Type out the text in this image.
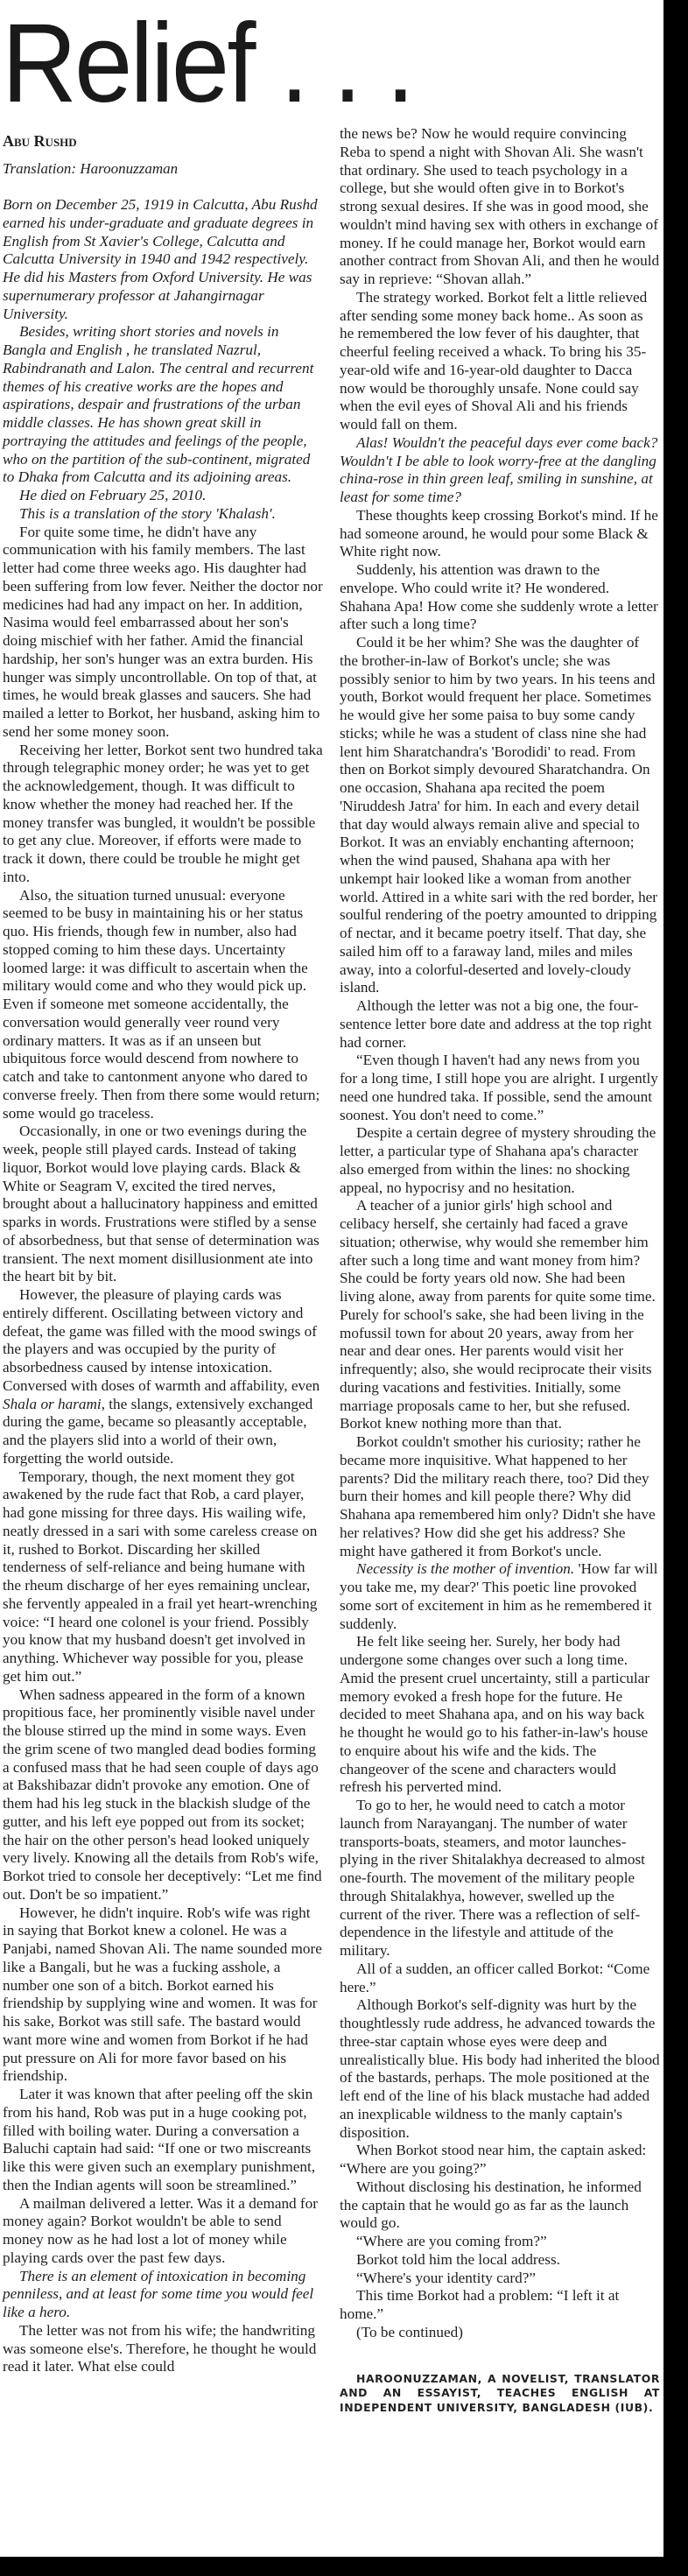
Relief . . .
Abu Rushd
Translation: Haroonuzzaman

Born on December 25, 1919 in Calcutta, Abu Rushd earned his under-graduate and graduate degrees in English from St Xavier's College, Calcutta and Calcutta University in 1940 and 1942 respectively. He did his Masters from Oxford University. He was supernumerary professor at Jahangirnagar University.

Besides, writing short stories and novels in Bangla and English , he translated Nazrul, Rabindranath and Lalon. The central and recurrent themes of his creative works are the hopes and aspirations, despair and frustrations of the urban middle classes. He has shown great skill in portraying the attitudes and feelings of the people, who on the partition of the sub-continent, migrated to Dhaka from Calcutta and its adjoining areas.

He died on February 25, 2010.

This is a translation of the story 'Khalash'.

For quite some time, he didn't have any communication with his family members. The last letter had come three weeks ago. His daughter had been suffering from low fever. Neither the doctor nor medicines had had any impact on her. In addition, Nasima would feel embarrassed about her son's doing mischief with her father. Amid the financial hardship, her son's hunger was an extra burden. His hunger was simply uncontrollable. On top of that, at times, he would break glasses and saucers. She had mailed a letter to Borkot, her husband, asking him to send her some money soon.

Receiving her letter, Borkot sent two hundred taka through telegraphic money order; he was yet to get the acknowledgement, though. It was difficult to know whether the money had reached her. If the money transfer was bungled, it wouldn't be possible to get any clue. Moreover, if efforts were made to track it down, there could be trouble he might get into.

Also, the situation turned unusual: everyone seemed to be busy in maintaining his or her status quo. His friends, though few in number, also had stopped coming to him these days. Uncertainty loomed large: it was difficult to ascertain when the military would come and who they would pick up. Even if someone met someone accidentally, the conversation would generally veer round very ordinary matters. It was as if an unseen but ubiquitous force would descend from nowhere to catch and take to cantonment anyone who dared to converse freely. Then from there some would return; some would go traceless.

Occasionally, in one or two evenings during the week, people still played cards. Instead of taking liquor, Borkot would love playing cards. Black & White or Seagram V, excited the tired nerves, brought about a hallucinatory happiness and emitted sparks in words. Frustrations were stifled by a sense of absorbedness, but that sense of determination was transient. The next moment disillusionment ate into the heart bit by bit.

However, the pleasure of playing cards was entirely different. Oscillating between victory and defeat, the game was filled with the mood swings of the players and was occupied by the purity of absorbedness caused by intense intoxication. Conversed with doses of warmth and affability, even Shala or harami, the slangs, extensively exchanged during the game, became so pleasantly acceptable, and the players slid into a world of their own, forgetting the world outside.

Temporary, though, the next moment they got awakened by the rude fact that Rob, a card player, had gone missing for three days. His wailing wife, neatly dressed in a sari with some careless crease on it, rushed to Borkot. Discarding her skilled tenderness of self-reliance and being humane with the rheum discharge of her eyes remaining unclear, she fervently appealed in a frail yet heart-wrenching voice: “I heard one colonel is your friend. Possibly you know that my husband doesn't get involved in anything. Whichever way possible for you, please get him out.”

When sadness appeared in the form of a known propitious face, her prominently visible navel under the blouse stirred up the mind in some ways. Even the grim scene of two mangled dead bodies forming a confused mass that he had seen couple of days ago at Bakshibazar didn't provoke any emotion. One of them had his leg stuck in the blackish sludge of the gutter, and his left eye popped out from its socket; the hair on the other person's head looked uniquely very lively. Knowing all the details from Rob's wife, Borkot tried to console her deceptively: “Let me find out. Don't be so impatient.”

However, he didn't inquire. Rob's wife was right in saying that Borkot knew a colonel. He was a Panjabi, named Shovan Ali. The name sounded more like a Bangali, but he was a fucking asshole, a number one son of a bitch. Borkot earned his friendship by supplying wine and women. It was for his sake, Borkot was still safe. The bastard would want more wine and women from Borkot if he had put pressure on Ali for more favor based on his friendship.

Later it was known that after peeling off the skin from his hand, Rob was put in a huge cooking pot, filled with boiling water. During a conversation a Baluchi captain had said: “If one or two miscreants like this were given such an exemplary punishment, then the Indian agents will soon be streamlined.”

A mailman delivered a letter. Was it a demand for money again? Borkot wouldn't be able to send money now as he had lost a lot of money while playing cards over the past few days.

There is an element of intoxication in becoming penniless, and at least for some time you would feel like a hero.

The letter was not from his wife; the handwriting was someone else's. Therefore, he thought he would read it later. What else could

the news be? Now he would require convincing Reba to spend a night with Shovan Ali. She wasn't that ordinary. She used to teach psychology in a college, but she would often give in to Borkot's strong sexual desires. If she was in good mood, she wouldn't mind having sex with others in exchange of money. If he could manage her, Borkot would earn another contract from Shovan Ali, and then he would say in reprieve: “Shovan allah.”

The strategy worked. Borkot felt a little relieved after sending some money back home.. As soon as he remembered the low fever of his daughter, that cheerful feeling received a whack. To bring his 35-year-old wife and 16-year-old daughter to Dacca now would be thoroughly unsafe. None could say when the evil eyes of Shoval Ali and his friends would fall on them.

Alas! Wouldn't the peaceful days ever come back? Wouldn't I be able to look worry-free at the dangling china-rose in thin green leaf, smiling in sunshine, at least for some time?

These thoughts keep crossing Borkot's mind. If he had someone around, he would pour some Black & White right now.

Suddenly, his attention was drawn to the envelope. Who could write it? He wondered. Shahana Apa! How come she suddenly wrote a letter after such a long time?

Could it be her whim? She was the daughter of the brother-in-law of Borkot's uncle; she was possibly senior to him by two years. In his teens and youth, Borkot would frequent her place. Sometimes he would give her some paisa to buy some candy sticks; while he was a student of class nine she had lent him Sharatchandra's 'Borodidi' to read. From then on Borkot simply devoured Sharatchandra. On one occasion, Shahana apa recited the poem 'Niruddesh Jatra' for him. In each and every detail that day would always remain alive and special to Borkot. It was an enviably enchanting afternoon; when the wind paused, Shahana apa with her unkempt hair looked like a woman from another world. Attired in a white sari with the red border, her soulful rendering of the poetry amounted to dripping of nectar, and it became poetry itself. That day, she sailed him off to a faraway land, miles and miles away, into a colorful-deserted and lovely-cloudy island.

Although the letter was not a big one, the four-sentence letter bore date and address at the top right had corner.

“Even though I haven't had any news from you for a long time, I still hope you are alright. I urgently need one hundred taka. If possible, send the amount soonest. You don't need to come.”

Despite a certain degree of mystery shrouding the letter, a particular type of Shahana apa's character also emerged from within the lines: no shocking appeal, no hypocrisy and no hesitation.

A teacher of a junior girls' high school and celibacy herself, she certainly had faced a grave situation; otherwise, why would she remember him after such a long time and want money from him? She could be forty years old now. She had been living alone, away from parents for quite some time. Purely for school's sake, she had been living in the mofussil town for about 20 years, away from her near and dear ones. Her parents would visit her infrequently; also, she would reciprocate their visits during vacations and festivities. Initially, some marriage proposals came to her, but she refused. Borkot knew nothing more than that.

Borkot couldn't smother his curiosity; rather he became more inquisitive. What happened to her parents? Did the military reach there, too? Did they burn their homes and kill people there? Why did Shahana apa remembered him only? Didn't she have her relatives? How did she get his address? She might have gathered it from Borkot's uncle.

Necessity is the mother of invention. 'How far will you take me, my dear?' This poetic line provoked some sort of excitement in him as he remembered it suddenly.

He felt like seeing her. Surely, her body had undergone some changes over such a long time. Amid the present cruel uncertainty, still a particular memory evoked a fresh hope for the future. He decided to meet Shahana apa, and on his way back he thought he would go to his father-in-law's house to enquire about his wife and the kids. The changeover of the scene and characters would refresh his perverted mind.

To go to her, he would need to catch a motor launch from Narayanganj. The number of water transports-boats, steamers, and motor launches-plying in the river Shitalakhya decreased to almost one-fourth. The movement of the military people through Shitalakhya, however, swelled up the current of the river. There was a reflection of self-dependence in the lifestyle and attitude of the military.

All of a sudden, an officer called Borkot: “Come here.”

Although Borkot's self-dignity was hurt by the thoughtlessly rude address, he advanced towards the three-star captain whose eyes were deep and unrealistically blue. His body had inherited the blood of the bastards, perhaps. The mole positioned at the left end of the line of his black mustache had added an inexplicable wildness to the manly captain's disposition.

When Borkot stood near him, the captain asked: “Where are you going?”

Without disclosing his destination, he informed the captain that he would go as far as the launch would go.

“Where are you coming from?”

Borkot told him the local address.

“Where's your identity card?”

This time Borkot had a problem: “I left it at home.”

(To be continued)

HAROONUZZAMAN, A NOVELIST, TRANSLATOR AND AN ESSAYIST, TEACHES ENGLISH AT INDEPENDENT UNIVERSITY, BANGLADESH (IUB).
